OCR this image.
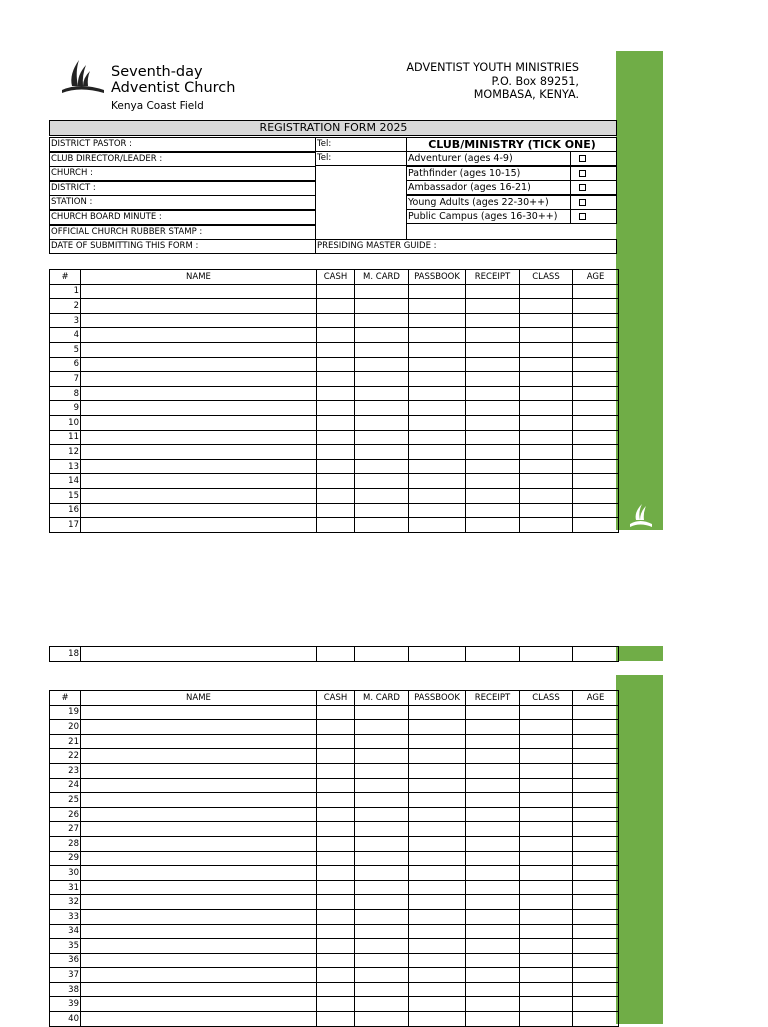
Seventh-day
Adventist Church
Kenya Coast Field
ADVENTIST YOUTH MINISTRIES
P.O. Box 89251,
MOMBASA, KENYA.
REGISTRATION FORM 2025
DISTRICT PASTOR :
CLUB DIRECTOR/LEADER :
CHURCH :
DISTRICT :
STATION :
CHURCH BOARD MINUTE :
OFFICIAL CHURCH RUBBER STAMP :
DATE OF SUBMITTING THIS FORM :
Tel:
Tel:
CLUB/MINISTRY (TICK ONE)
Adventurer (ages 4-9)
Pathfinder (ages 10-15)
Ambassador (ages 16-21)
Young Adults (ages 22-30++)
Public Campus (ages 16-30++)
PRESIDING MASTER GUIDE :
#	NAME	CASH	M. CARD	PASSBOOK	RECEIPT	CLASS	AGE
1							
2							
3							
4							
5							
6							
7							
8							
9							
10							
11							
12							
13							
14							
15							
16							
17							
18							
#	NAME	CASH	M. CARD	PASSBOOK	RECEIPT	CLASS	AGE
19							
20							
21							
22							
23							
24							
25							
26							
27							
28							
29							
30							
31							
32							
33							
34							
35							
36							
37							
38							
39							
40							
